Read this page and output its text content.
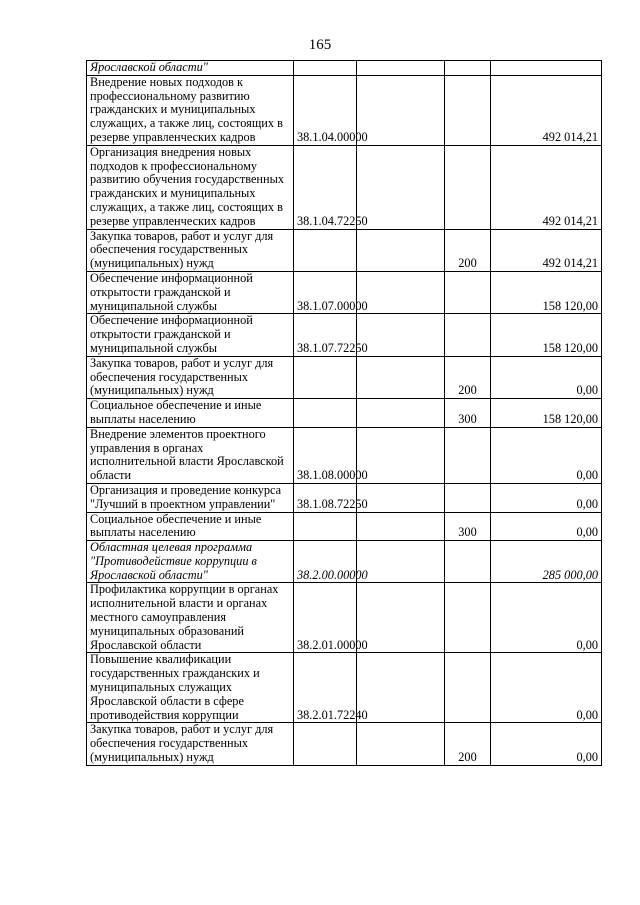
165
Ярославской области"				
Внедрение новых подходов к профессиональному развитию гражданских и муниципальных служащих, а также лиц, состоящих в резерве управленческих кадров	38.1.04.00000			492 014,21
Организация внедрения новых подходов к профессиональному развитию обучения государственных гражданских и муниципальных служащих, а также лиц, состоящих в резерве управленческих кадров	38.1.04.72250			492 014,21
Закупка товаров, работ и услуг для обеспечения государственных (муниципальных) нужд			200	492 014,21
Обеспечение информационной открытости гражданской и муниципальной службы	38.1.07.00000			158 120,00
Обеспечение информационной открытости гражданской и муниципальной службы	38.1.07.72250			158 120,00
Закупка товаров, работ и услуг для обеспечения государственных (муниципальных) нужд			200	0,00
Социальное обеспечение и иные выплаты населению			300	158 120,00
Внедрение элементов проектного управления в органах исполнительной власти Ярославской области	38.1.08.00000			0,00
Организация и проведение конкурса "Лучший в проектном управлении"	38.1.08.72250			0,00
Социальное обеспечение и иные выплаты населению			300	0,00
Областная целевая программа "Противодействие коррупции в Ярославской области"	38.2.00.00000			285 000,00
Профилактика коррупции в органах исполнительной власти и органах местного самоуправления муниципальных образований Ярославской области	38.2.01.00000			0,00
Повышение квалификации государственных гражданских и муниципальных служащих Ярославской области в сфере противодействия коррупции	38.2.01.72240			0,00
Закупка товаров, работ и услуг для обеспечения государственных (муниципальных) нужд			200	0,00
